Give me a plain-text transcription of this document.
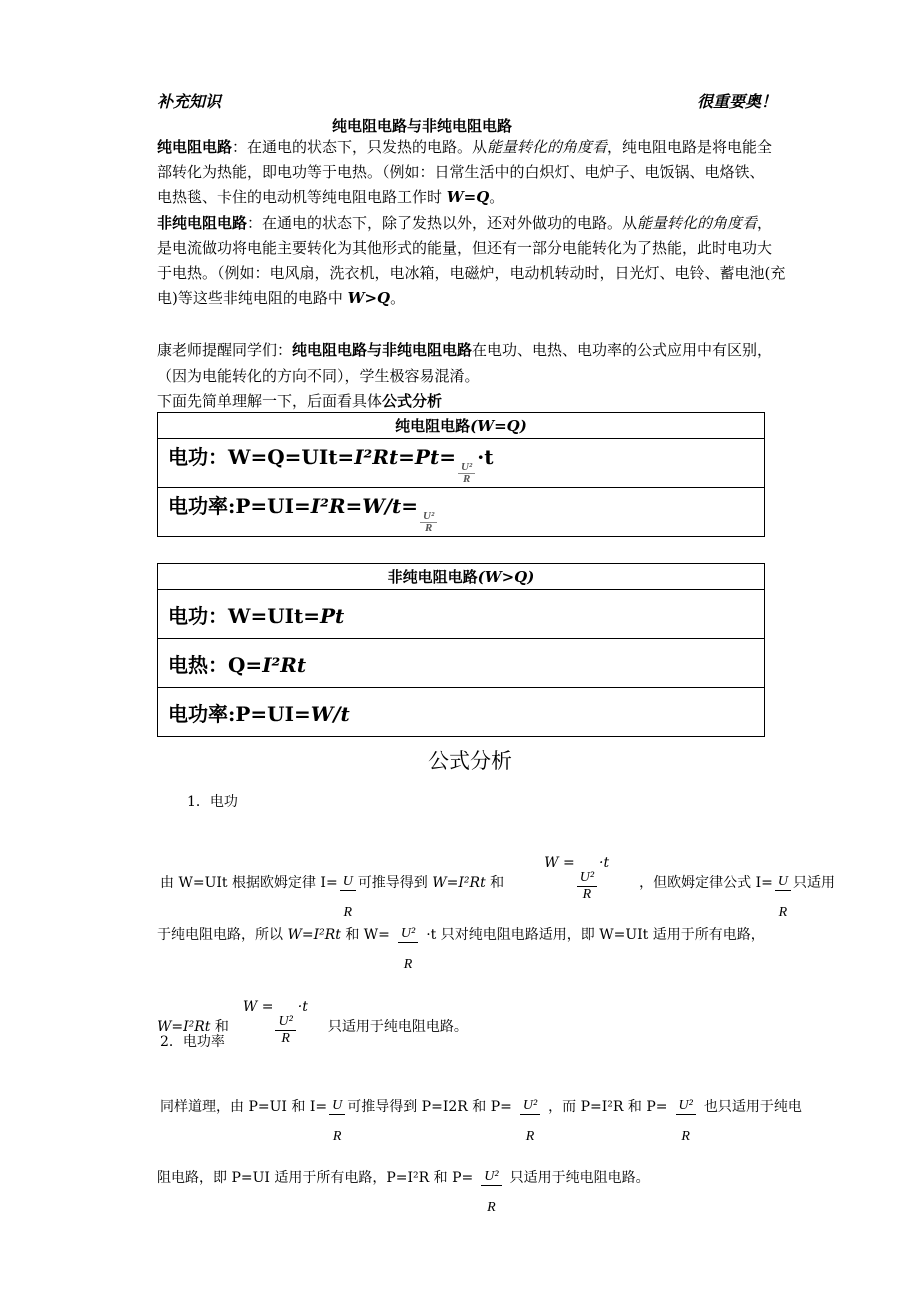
补充知识	很重要奥！
纯电阻电路与非纯电阻电路
纯电阻电路：在通电的状态下，只发热的电路。从能量转化的角度看，纯电阻电路是将电能全
部转化为热能，即电功等于电热。（例如：日常生活中的白炽灯、电炉子、电饭锅、电烙铁、
电热毯、卡住的电动机等纯电阻电路工作时 W=Q。
非纯电阻电路：在通电的状态下，除了发热以外，还对外做功的电路。从能量转化的角度看，
是电流做功将电能主要转化为其他形式的能量，但还有一部分电能转化为了热能，此时电功大
于电热。（例如：电风扇，洗衣机，电冰箱，电磁炉，电动机转动时，日光灯、电铃、蓄电池(充
电)等这些非纯电阻的电路中 W>Q。
康老师提醒同学们：纯电阻电路与非纯电阻电路在电功、电热、电功率的公式应用中有区别，
（因为电能转化的方向不同），学生极容易混淆。
下面先简单理解一下，后面看具体公式分析
纯电阻电路(W=Q)
电功：W=Q=UIt=I²Rt=Pt=
$\frac{\text{U²}}{R}$
·t
电功率:P=UI=I²R=W/t=
$\frac{\text{U²}}{R}$
非纯电阻电路(W>Q)
电功：W=UIt=Pt
电热：Q=I²Rt
电功率:P=UI=W/t
公式分析
1．电功
由 W=UIt 根据欧姆定律 $I= \frac{U}{R}$ 可推导得到 W=I²Rt 和W =
$\frac{\text{U²}}{R}$
·t，但欧姆定律公式 $I= \frac{U}{R}$ 只适用
于纯电阻电路，所以 W=I²Rt 和 $W= \frac{\text{U²}}{R} \cdot t$ 只对纯电阻电路适用，即 W=UIt 适用于所有电路，
W=I²Rt 和W =
$\frac{\text{U²}}{R}$
·t只适用于纯电阻电路。
2．电功率
同样道理，由 P=UI 和 $I= \frac{U}{R}$ 可推导得到 P=I2R 和 $P= \frac{\text{U²}}{R}$ ，而 P=I²R 和 $P= \frac{\text{U²}}{R}$ 也只适用于纯电
阻电路，即 P=UI 适用于所有电路，P=I²R 和 $P= \frac{\text{U²}}{R}$ 只适用于纯电阻电路。
